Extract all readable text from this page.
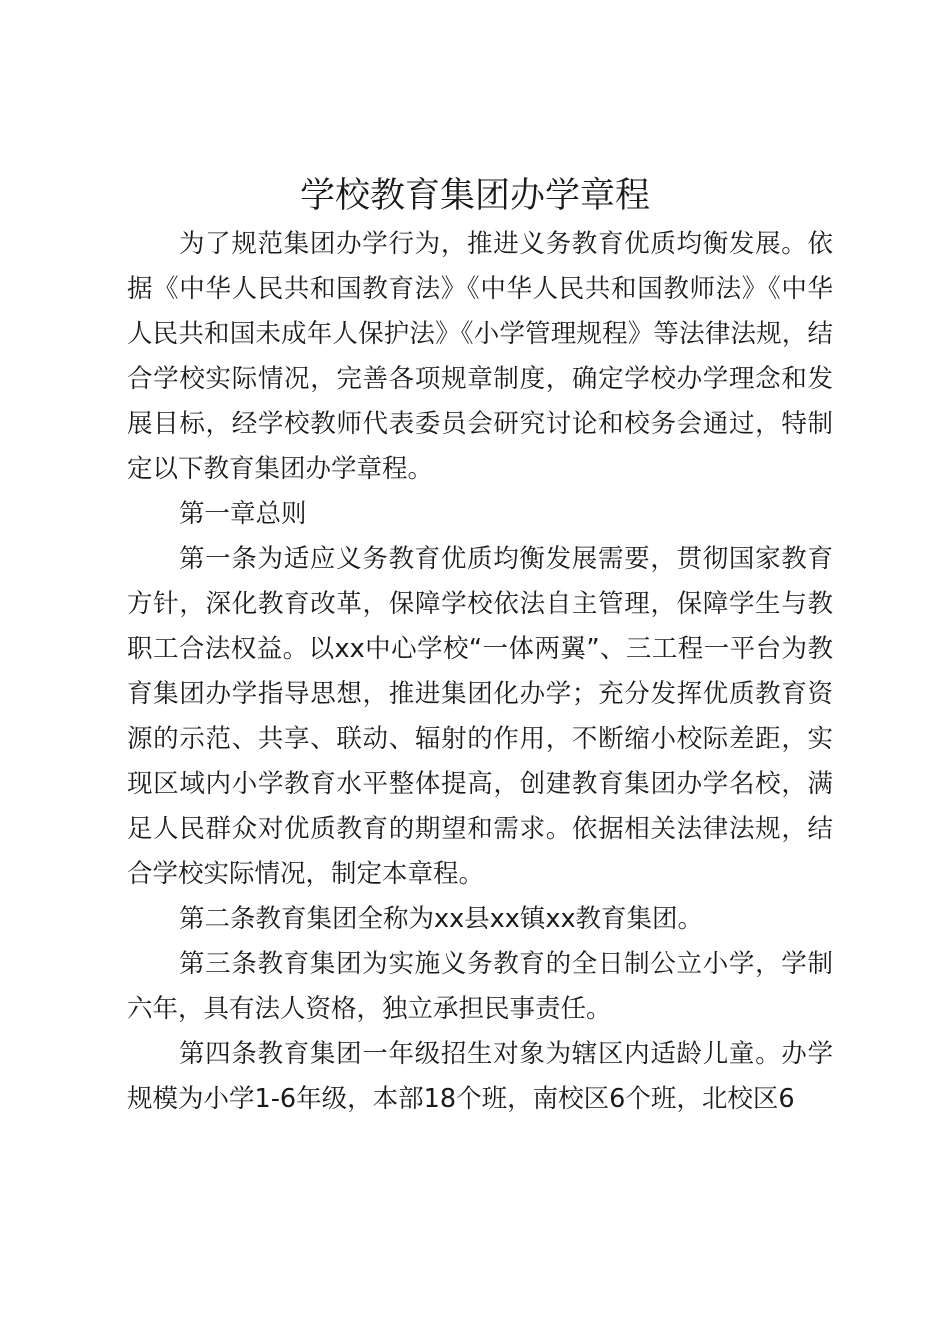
学校教育集团办学章程

为了规范集团办学行为，推进义务教育优质均衡发展。依据《中华人民共和国教育法》《中华人民共和国教师法》《中华人民共和国未成年人保护法》《小学管理规程》等法律法规，结合学校实际情况，完善各项规章制度，确定学校办学理念和发展目标，经学校教师代表委员会研究讨论和校务会通过，特制定以下教育集团办学章程。

第一章总则

第一条为适应义务教育优质均衡发展需要，贯彻国家教育方针，深化教育改革，保障学校依法自主管理，保障学生与教职工合法权益。以xx中心学校“一体两翼”、三工程一平台为教育集团办学指导思想，推进集团化办学；充分发挥优质教育资源的示范、共享、联动、辐射的作用，不断缩小校际差距，实现区域内小学教育水平整体提高，创建教育集团办学名校，满足人民群众对优质教育的期望和需求。依据相关法律法规，结合学校实际情况，制定本章程。

第二条教育集团全称为xx县xx镇xx教育集团。

第三条教育集团为实施义务教育的全日制公立小学，学制六年，具有法人资格，独立承担民事责任。

第四条教育集团一年级招生对象为辖区内适龄儿童。办学规模为小学1-6年级，本部18个班，南校区6个班，北校区6
